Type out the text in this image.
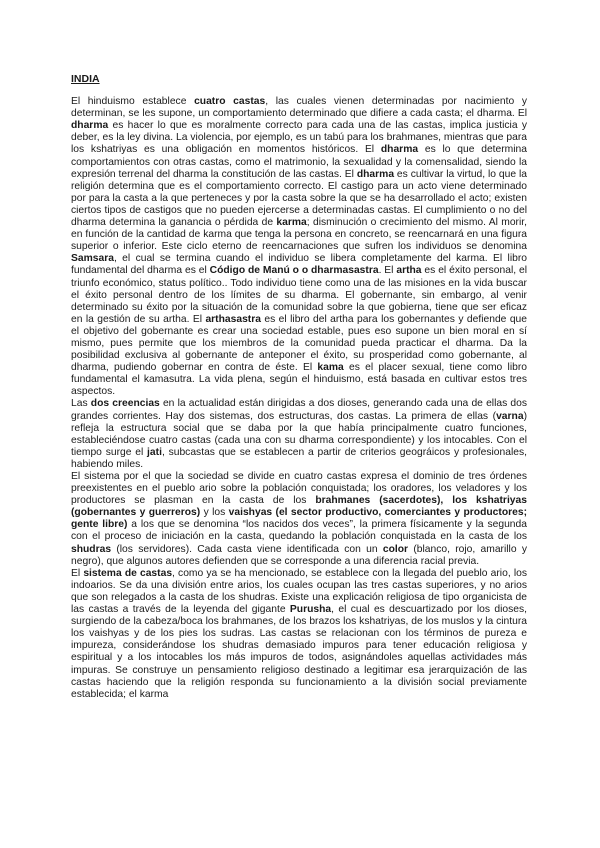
INDIA

El hinduismo establece cuatro castas, las cuales vienen determinadas por nacimiento y determinan, se les supone, un comportamiento determinado que difiere a cada casta; el dharma. El dharma es hacer lo que es moralmente correcto para cada una de las castas, implica justicia y deber, es la ley divina. La violencia, por ejemplo, es un tabú para los brahmanes, mientras que para los kshatriyas es una obligación en momentos históricos. El dharma es lo que determina comportamientos con otras castas, como el matrimonio, la sexualidad y la comensalidad, siendo la expresión terrenal del dharma la constitución de las castas. El dharma es cultivar la virtud, lo que la religión determina que es el comportamiento correcto. El castigo para un acto viene determinado por para la casta a la que perteneces y por la casta sobre la que se ha desarrollado el acto; existen ciertos tipos de castigos que no pueden ejercerse a determinadas castas. El cumplimiento o no del dharma determina la ganancia o pérdida de karma; disminución o crecimiento del mismo. Al morir, en función de la cantidad de karma que tenga la persona en concreto, se reencarnará en una figura superior o inferior. Este ciclo eterno de reencarnaciones que sufren los individuos se denomina Samsara, el cual se termina cuando el individuo se libera completamente del karma. El libro fundamental del dharma es el Código de Manú o o dharmasastra. El artha es el éxito personal, el triunfo económico, status político.. Todo individuo tiene como una de las misiones en la vida buscar el éxito personal dentro de los límites de su dharma. El gobernante, sin embargo, al venir determinado su éxito por la situación de la comunidad sobre la que gobierna, tiene que ser eficaz en la gestión de su artha. El arthasastra es el libro del artha para los gobernantes y defiende que el objetivo del gobernante es crear una sociedad estable, pues eso supone un bien moral en sí mismo, pues permite que los miembros de la comunidad pueda practicar el dharma. Da la posibilidad exclusiva al gobernante de anteponer el éxito, su prosperidad como gobernante, al dharma, pudiendo gobernar en contra de éste. El kama es el placer sexual, tiene como libro fundamental el kamasutra. La vida plena, según el hinduismo, está basada en cultivar estos tres aspectos.

Las dos creencias en la actualidad están dirigidas a dos dioses, generando cada una de ellas dos grandes corrientes. Hay dos sistemas, dos estructuras, dos castas. La primera de ellas (varna) refleja la estructura social que se daba por la que había principalmente cuatro funciones, estableciéndose cuatro castas (cada una con su dharma correspondiente) y los intocables. Con el tiempo surge el jati, subcastas que se establecen a partir de criterios geográicos y profesionales, habiendo miles.

El sistema por el que la sociedad se divide en cuatro castas expresa el dominio de tres órdenes preexistentes en el pueblo ario sobre la población conquistada; los oradores, los veladores y los productores se plasman en la casta de los brahmanes (sacerdotes), los kshatriyas (gobernantes y guerreros) y los vaishyas (el sector productivo, comerciantes y productores; gente libre) a los que se denomina “los nacidos dos veces”, la primera físicamente y la segunda con el proceso de iniciación en la casta, quedando la población conquistada en la casta de los shudras (los servidores). Cada casta viene identificada con un color (blanco, rojo, amarillo y negro), que algunos autores defienden que se corresponde a una diferencia racial previa.

El sistema de castas, como ya se ha mencionado, se establece con la llegada del pueblo ario, los indoarios. Se da una división entre arios, los cuales ocupan las tres castas superiores, y no arios que son relegados a la casta de los shudras. Existe una explicación religiosa de tipo organicista de las castas a través de la leyenda del gigante Purusha, el cual es descuartizado por los dioses, surgiendo de la cabeza/boca los brahmanes, de los brazos los kshatriyas, de los muslos y la cintura los vaishyas y de los pies los sudras. Las castas se relacionan con los términos de pureza e impureza, considerándose los shudras demasiado impuros para tener educación religiosa y espiritual y a los intocables los más impuros de todos, asignándoles aquellas actividades más impuras. Se construye un pensamiento religioso destinado a legitimar esa jerarquización de las castas haciendo que la religión responda su funcionamiento a la división social previamente establecida; el karma
